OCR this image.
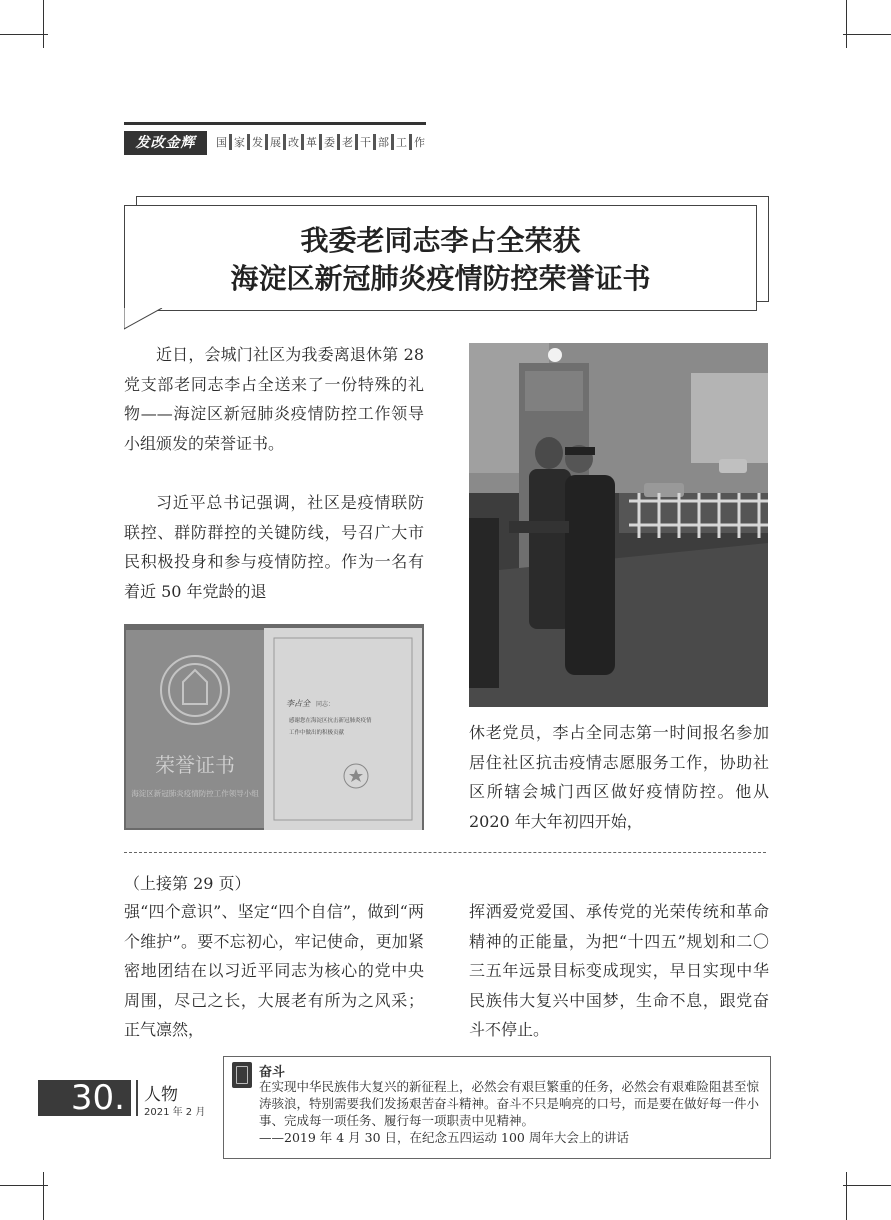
发改金辉	国 家 发 展 改 革 委 老 干 部 工 作
我委老同志李占全荣获
海淀区新冠肺炎疫情防控荣誉证书

近日，会城门社区为我委离退休第 28 党支部老同志李占全送来了一份特殊的礼物——海淀区新冠肺炎疫情防控工作领导小组颁发的荣誉证书。

习近平总书记强调，社区是疫情联防联控、群防群控的关键防线，号召广大市民积极投身和参与疫情防控。作为一名有着近 50 年党龄的退

荣誉证书
海淀区新冠肺炎疫情防控工作领导小组
李占全 同志：
感谢您在海淀区抗击新冠肺炎疫情
工作中做出的积极贡献	休老党员，李占全同志第一时间报名参加居住社区抗击疫情志愿服务工作，协助社区所辖会城门西区做好疫情防控。他从 2020 年大年初四开始，

（上接第 29 页）

强“四个意识”、坚定“四个自信”，做到“两个维护”。要不忘初心，牢记使命，更加紧密地团结在以习近平同志为核心的党中央周围，尽己之长，大展老有所为之风采；正气凛然，

挥洒爱党爱国、承传党的光荣传统和革命精神的正能量，为把“十四五”规划和二〇三五年远景目标变成现实，早日实现中华民族伟大复兴中国梦，生命不息，跟党奋斗不停止。

奋斗
在实现中华民族伟大复兴的新征程上，必然会有艰巨繁重的任务，必然会有艰难险阻甚至惊涛骇浪，特别需要我们发扬艰苦奋斗精神。奋斗不只是响亮的口号，而是要在做好每一件小事、完成每一项任务、履行每一项职责中见精神。
——2019 年 4 月 30 日，在纪念五四运动 100 周年大会上的讲话
30.	人物
2021 年 2 月
